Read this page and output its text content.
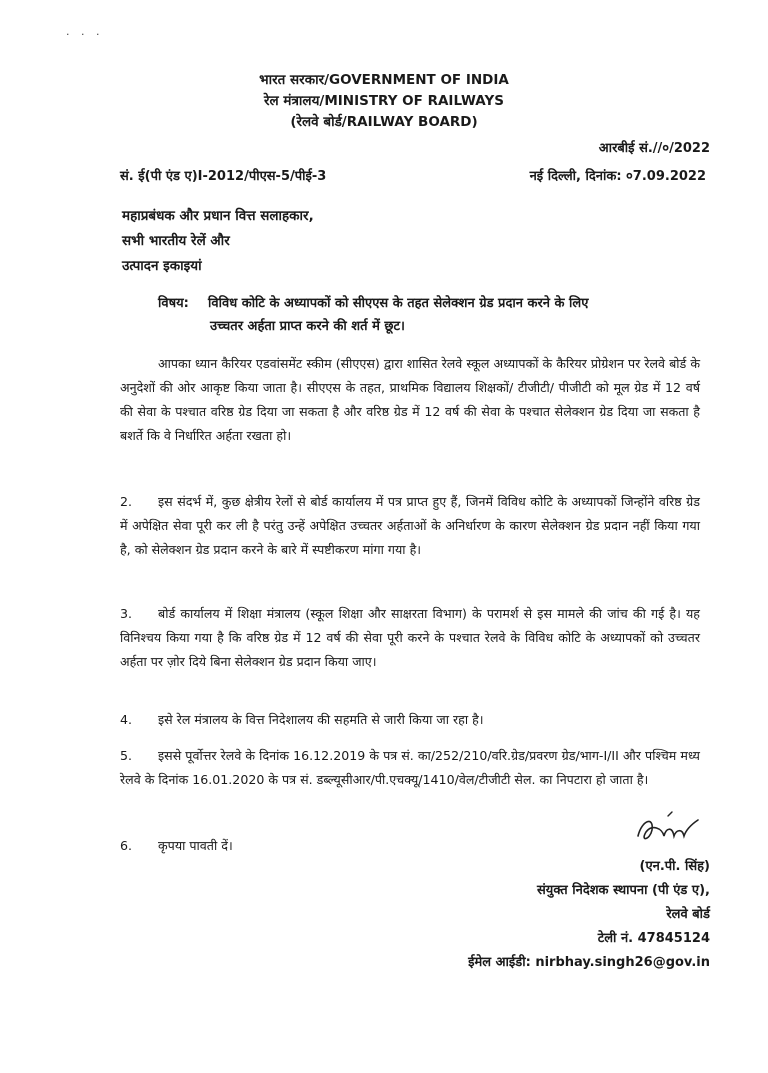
· · ·
भारत सरकार/GOVERNMENT OF INDIA
रेल मंत्रालय/MINISTRY OF RAILWAYS
(रेलवे बोर्ड/RAILWAY BOARD)
आरबीई सं.//०/2022
सं. ई(पी एंड ए)I-2012/पीएस-5/पीई-3	नई दिल्ली, दिनांक: ०7.09.2022
महाप्रबंधक और प्रधान वित्त सलाहकार,
सभी भारतीय रेलें और
उत्पादन इकाइयां
विषय: विविध कोटि के अध्यापकों को सीएएस के तहत सेलेक्शन ग्रेड प्रदान करने के लिए
उच्चतर अर्हता प्राप्त करने की शर्त में छूट।
आपका ध्यान कैरियर एडवांसमेंट स्कीम (सीएएस) द्वारा शासित रेलवे स्कूल अध्यापकों के कैरियर प्रोग्रेशन पर रेलवे बोर्ड के अनुदेशों की ओर आकृष्ट किया जाता है। सीएएस के तहत, प्राथमिक विद्यालय शिक्षकों/ टीजीटी/ पीजीटी को मूल ग्रेड में 12 वर्ष की सेवा के पश्चात वरिष्ठ ग्रेड दिया जा सकता है और वरिष्ठ ग्रेड में 12 वर्ष की सेवा के पश्चात सेलेक्शन ग्रेड दिया जा सकता है बशर्ते कि वे निर्धारित अर्हता रखता हो।
2. इस संदर्भ में, कुछ क्षेत्रीय रेलों से बोर्ड कार्यालय में पत्र प्राप्त हुए हैं, जिनमें विविध कोटि के अध्यापकों जिन्होंने वरिष्ठ ग्रेड में अपेक्षित सेवा पूरी कर ली है परंतु उन्हें अपेक्षित उच्चतर अर्हताओं के अनिर्धारण के कारण सेलेक्शन ग्रेड प्रदान नहीं किया गया है, को सेलेक्शन ग्रेड प्रदान करने के बारे में स्पष्टीकरण मांगा गया है।
3. बोर्ड कार्यालय में शिक्षा मंत्रालय (स्कूल शिक्षा और साक्षरता विभाग) के परामर्श से इस मामले की जांच की गई है। यह विनिश्चय किया गया है कि वरिष्ठ ग्रेड में 12 वर्ष की सेवा पूरी करने के पश्चात रेलवे के विविध कोटि के अध्यापकों को उच्चतर अर्हता पर ज़ोर दिये बिना सेलेक्शन ग्रेड प्रदान किया जाए।
4. इसे रेल मंत्रालय के वित्त निदेशालय की सहमति से जारी किया जा रहा है।
5. इससे पूर्वोत्तर रेलवे के दिनांक 16.12.2019 के पत्र सं. का/252/210/वरि.ग्रेड/प्रवरण ग्रेड/भाग-I/II और पश्चिम मध्य रेलवे के दिनांक 16.01.2020 के पत्र सं. डब्ल्यूसीआर/पी.एचक्यू/1410/वेल/टीजीटी सेल. का निपटारा हो जाता है।
6. कृपया पावती दें।
(एन.पी. सिंह)
संयुक्त निदेशक स्थापना (पी एंड ए),
रेलवे बोर्ड
टेली नं. 47845124
ईमेल आईडी: nirbhay.singh26@gov.in
